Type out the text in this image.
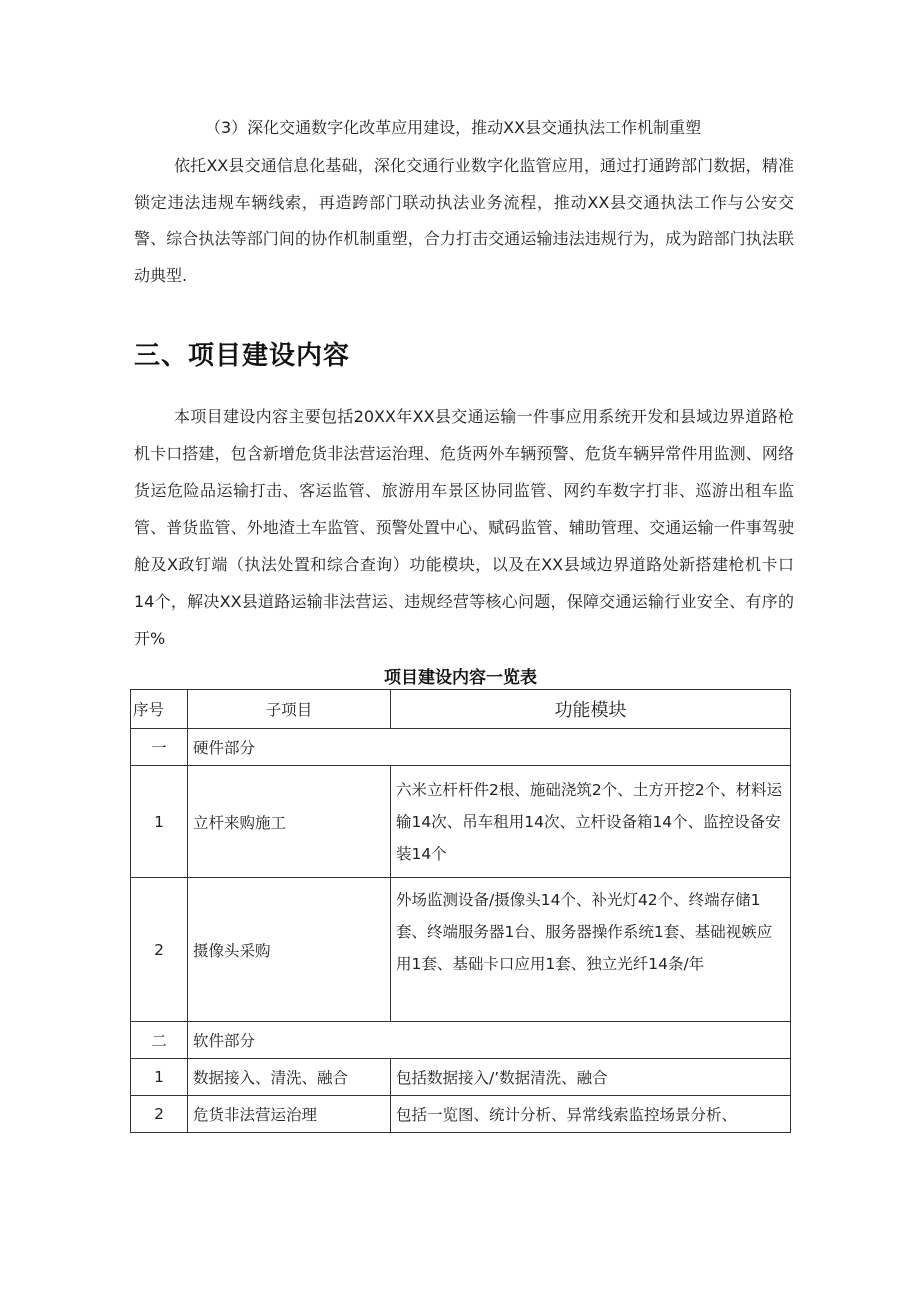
（3）深化交通数字化改革应用建设，推动XX县交通执法工作机制重塑
依托XX县交通信息化基础，深化交通行业数字化监管应用，通过打通跨部门数据，精准锁定违法违规车辆线索，再造跨部门联动执法业务流程，推动XX县交通执法工作与公安交警、综合执法等部门间的协作机制重塑，合力打击交通运输违法违规行为，成为踣部门执法联动典型.
三、项目建设内容
本项目建设内容主要包括20XX年XX县交通运输一件事应用系统开发和县域边界道路枪机卡口搭建，包含新增危货非法营运治理、危货两外车辆预警、危货车辆异常件用监测、网络货运危险品运输打击、客运监管、旅游用车景区协同监管、网约车数字打非、巡游出租车监管、普货监管、外地渣土车监管、预警处置中心、赋码监管、辅助管理、交通运输一件事驾驶舱及X政钉端（执法处置和综合查询）功能模块，以及在XX县域边界道路处新搭建枪机卡口14个，解决XX县道路运输非法营运、违规经营等核心问题，保障交通运输行业安全、有序的开%
项目建设内容一览表
序号	子项目	功能模块
一	硬件部分	
1	立杆来购施工	六米立杆杆件2根、施础浇筑2个、土方开挖2个、材料运输14次、吊车租用14次、立杆设备箱14个、监控设备安装14个
2	摄像头采购	外场监测设备/摄像头14个、补光灯42个、终端存储1套、终端服务器1台、服务器操作系统1套、基础视嫉应用1套、基础卡口应用1套、独立光纤14条/年
二	软件部分	
1	数据接入、清洗、融合	包括数据接入/’数据清洗、融合
2	危货非法营运治理	包括一览图、统计分析、异常线索监控场景分析、
